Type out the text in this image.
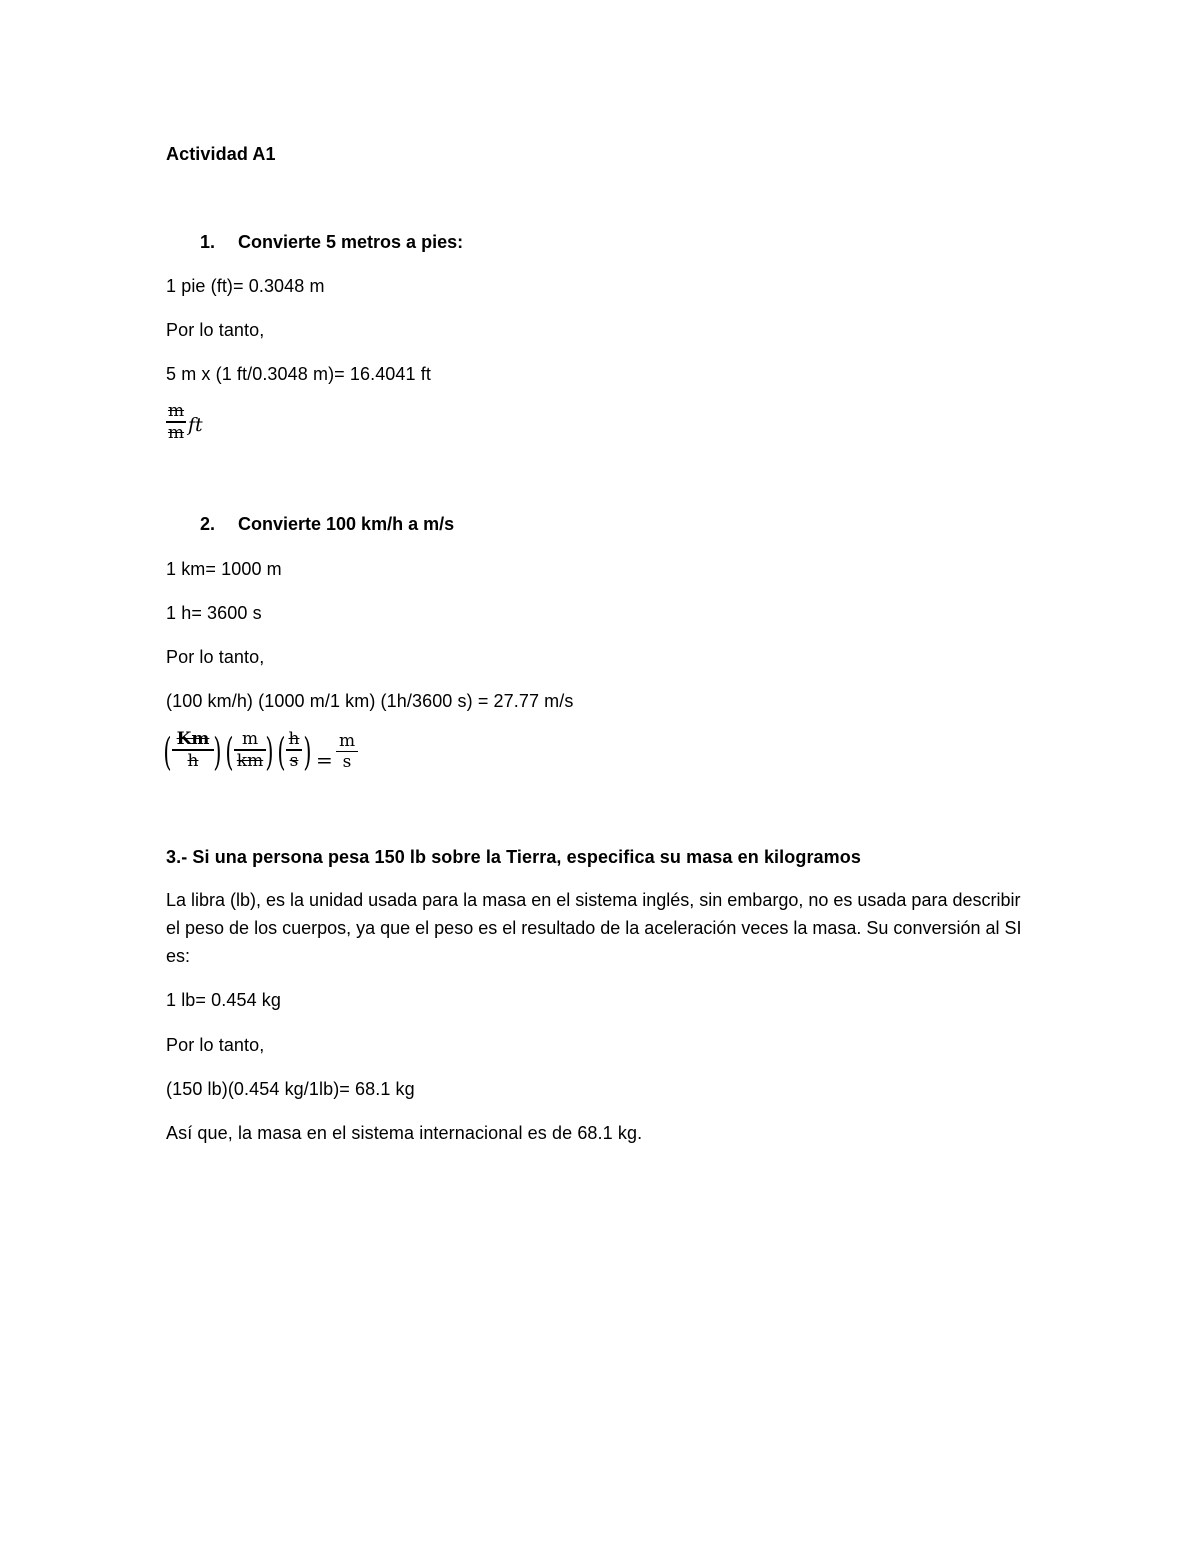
Actividad A1
1. Convierte 5 metros a pies:
1 pie (ft)= 0.3048 m
Por lo tanto,
5 m x (1 ft/0.3048 m)= 16.4041 ft
m
m ft
2. Convierte 100 km/h a m/s
1 km= 1000 m
1 h= 3600 s
Por lo tanto,
(100 km/h) (1000 m/1 km) (1h/3600 s) = 27.77 m/s
( Km
h ) ( m
km ) ( h
s ) =
m
s
3.- Si una persona pesa 150 lb sobre la Tierra, especifica su masa en kilogramos
La libra (lb), es la unidad usada para la masa en el sistema inglés, sin embargo, no es usada para describir el peso de los cuerpos, ya que el peso es el resultado de la aceleración veces la masa. Su conversión al SI es:
1 lb= 0.454 kg
Por lo tanto,
(150 lb)(0.454 kg/1lb)= 68.1 kg
Así que, la masa en el sistema internacional es de 68.1 kg.
